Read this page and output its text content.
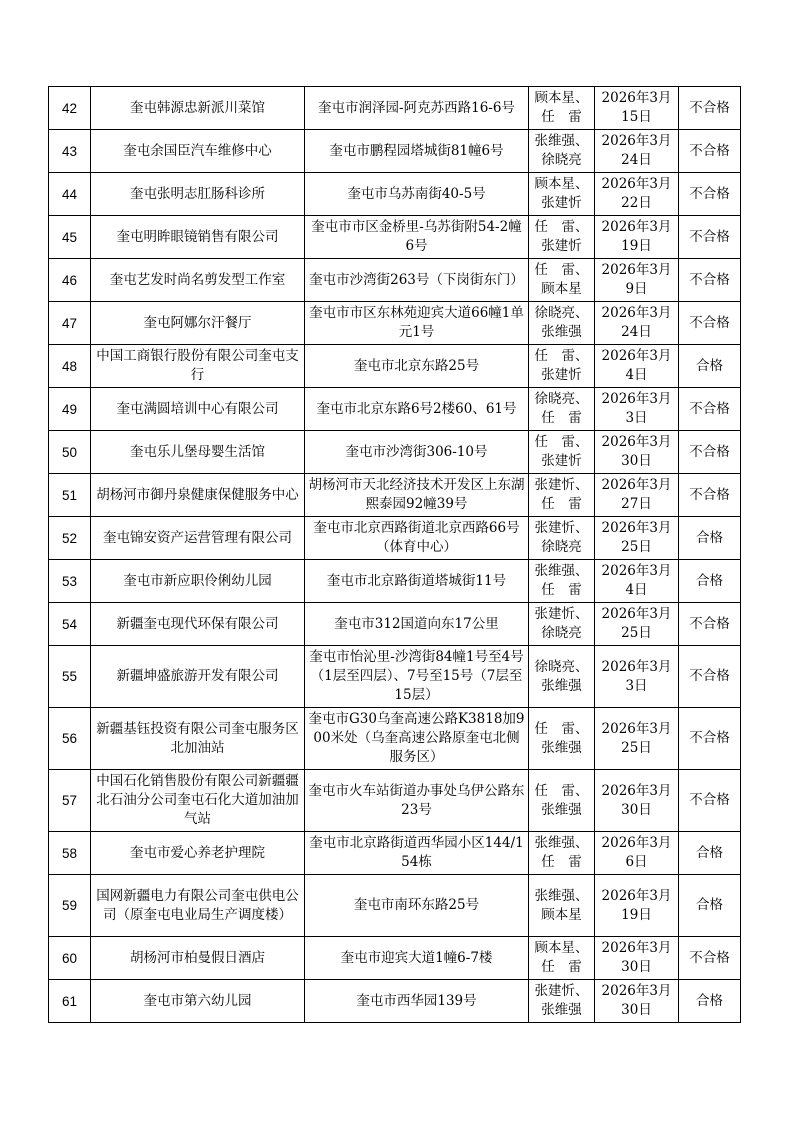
42	奎屯韩源忠新派川菜馆	奎屯市润泽园-阿克苏西路16-6号	顾本星、任　雷	2026年3月15日	不合格
43	奎屯余国臣汽车维修中心	奎屯市鹏程园塔城街81幢6号	张维强、徐晓亮	2026年3月24日	不合格
44	奎屯张明志肛肠科诊所	奎屯市乌苏南街40-5号	顾本星、张建忻	2026年3月22日	不合格
45	奎屯明眸眼镜销售有限公司	奎屯市市区金桥里-乌苏街附54-2幢6号	任　雷、张建忻	2026年3月19日	不合格
46	奎屯艺发时尚名剪发型工作室	奎屯市沙湾街263号（下岗街东门）	任　雷、顾本星	2026年3月9日	不合格
47	奎屯阿娜尔汗餐厅	奎屯市市区东林苑迎宾大道66幢1单元1号	徐晓亮、张维强	2026年3月24日	不合格
48	中国工商银行股份有限公司奎屯支行	奎屯市北京东路25号	任　雷、张建忻	2026年3月4日	合格
49	奎屯满圆培训中心有限公司	奎屯市北京东路6号2楼60、61号	徐晓亮、任　雷	2026年3月3日	不合格
50	奎屯乐儿堡母婴生活馆	奎屯市沙湾街306-10号	任　雷、张建忻	2026年3月30日	不合格
51	胡杨河市御丹泉健康保健服务中心	胡杨河市天北经济技术开发区上东湖熙泰园92幢39号	张建忻、任　雷	2026年3月27日	不合格
52	奎屯锦安资产运营管理有限公司	奎屯市北京西路街道北京西路66号（体育中心）	张建忻、徐晓亮	2026年3月25日	合格
53	奎屯市新应职伶俐幼儿园	奎屯市北京路街道塔城街11号	张维强、任　雷	2026年3月4日	合格
54	新疆奎屯现代环保有限公司	奎屯市312国道向东17公里	张建忻、徐晓亮	2026年3月25日	不合格
55	新疆坤盛旅游开发有限公司	奎屯市怡沁里-沙湾街84幢1号至4号（1层至四层）、7号至15号（7层至15层）	徐晓亮、张维强	2026年3月3日	不合格
56	新疆基钰投资有限公司奎屯服务区北加油站	奎屯市G30乌奎高速公路K3818加900米处（乌奎高速公路原奎屯北侧服务区）	任　雷、张维强	2026年3月25日	不合格
57	中国石化销售股份有限公司新疆疆北石油分公司奎屯石化大道加油加气站	奎屯市火车站街道办事处乌伊公路东23号	任　雷、张维强	2026年3月30日	不合格
58	奎屯市爱心养老护理院	奎屯市北京路街道西华园小区144/154栋	张维强、任　雷	2026年3月6日	合格
59	国网新疆电力有限公司奎屯供电公司（原奎屯电业局生产调度楼）	奎屯市南环东路25号	张维强、顾本星	2026年3月19日	合格
60	胡杨河市柏曼假日酒店	奎屯市迎宾大道1幢6-7楼	顾本星、任　雷	2026年3月30日	不合格
61	奎屯市第六幼儿园	奎屯市西华园139号	张建忻、张维强	2026年3月30日	合格
